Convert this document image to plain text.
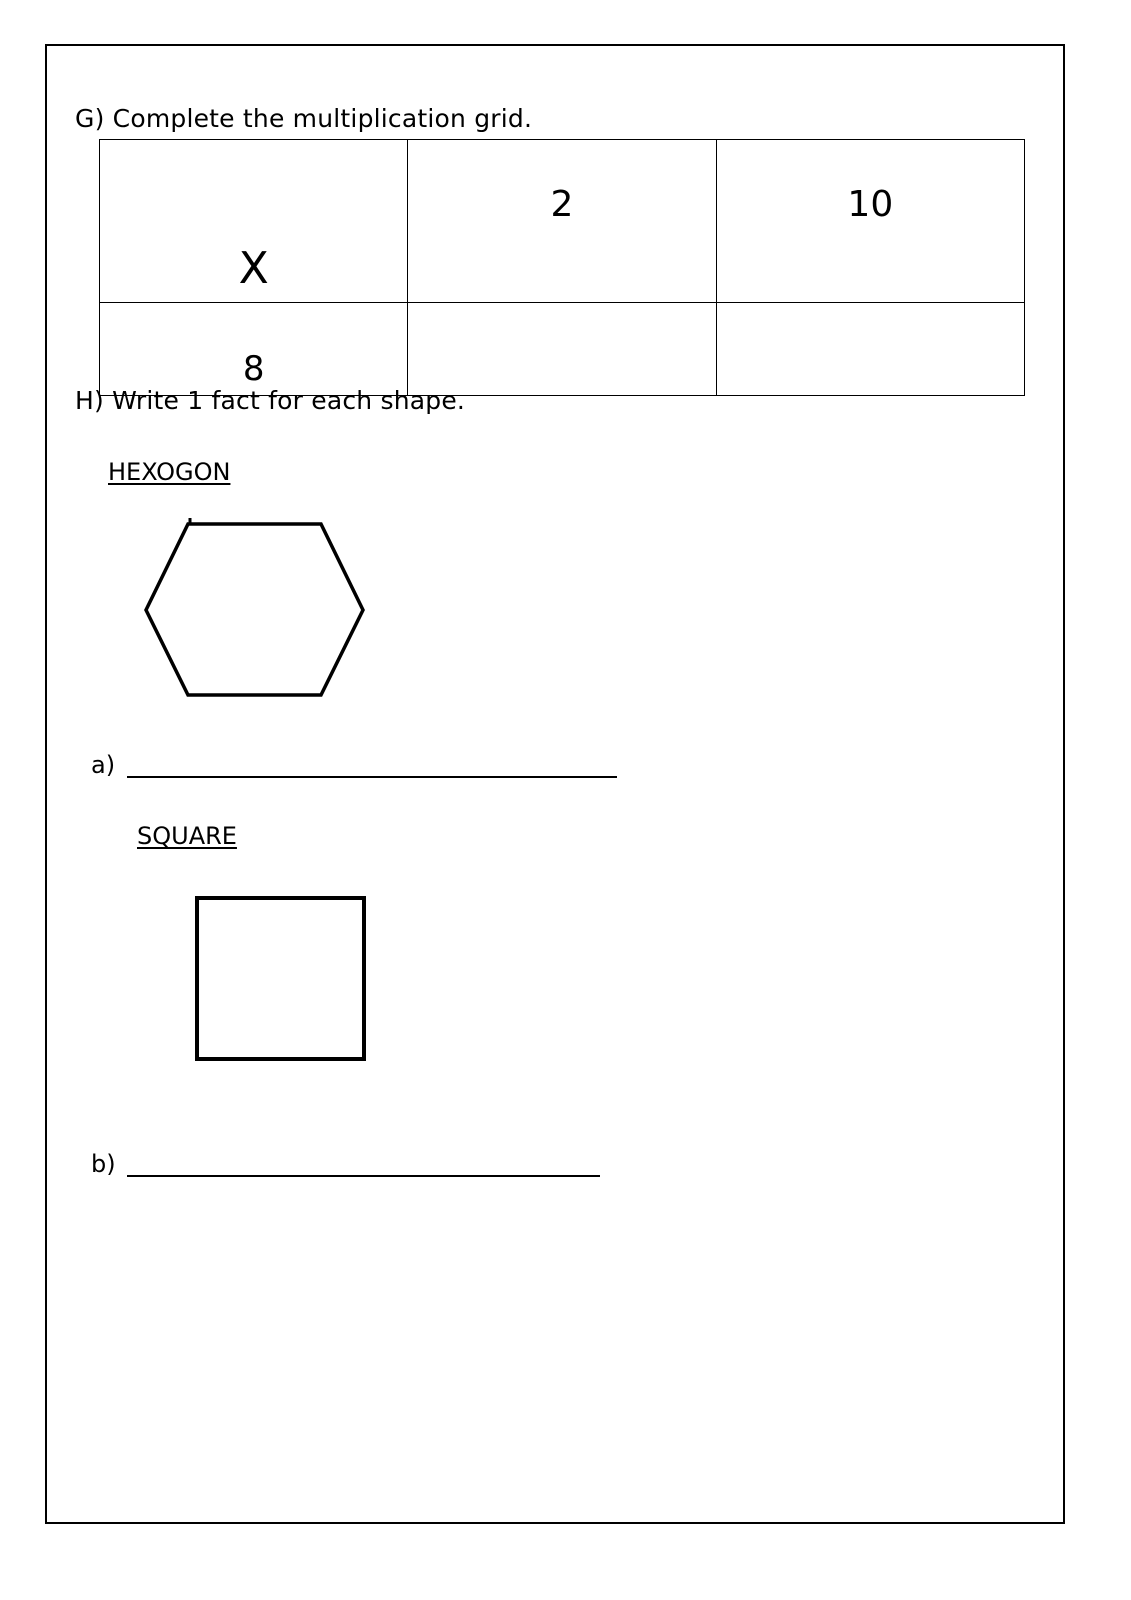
G) Complete the multiplication grid.
X	2	10
8		
H) Write 1 fact for each shape.
HEXOGON
a)
SQUARE
b)
